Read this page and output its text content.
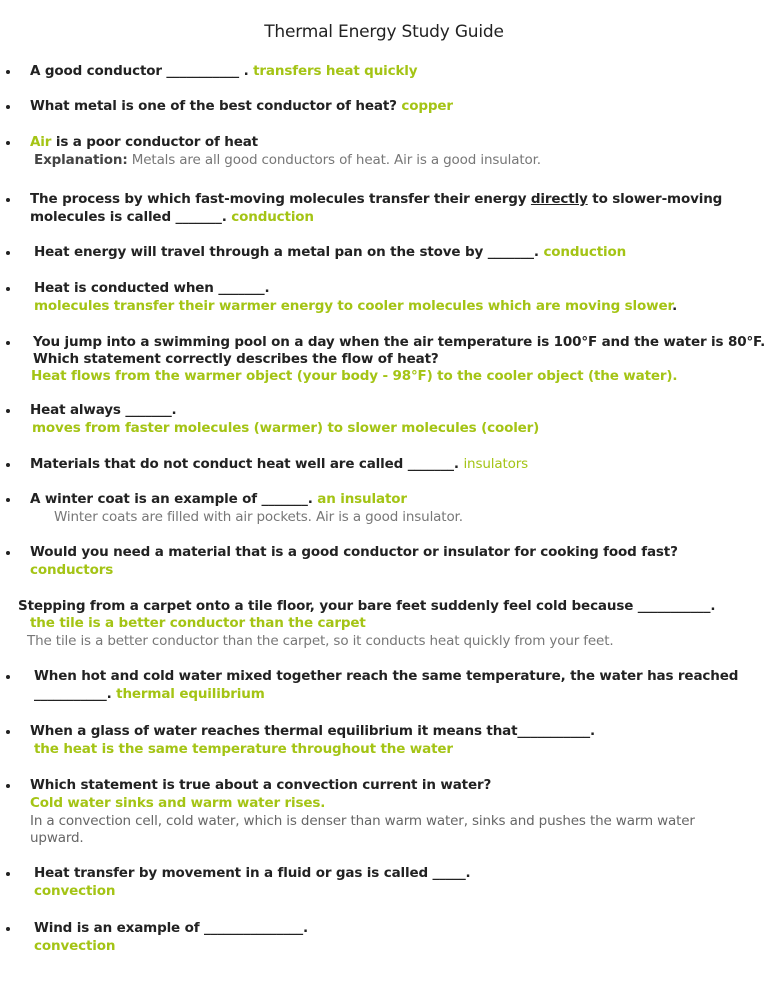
Thermal Energy Study Guide
A good conductor ___________ . transfers heat quickly
What metal is one of the best conductor of heat? copper
Air is a poor conductor of heat
Explanation: Metals are all good conductors of heat. Air is a good insulator.
The process by which fast-moving molecules transfer their energy directly to slower-moving
molecules is called _______. conduction
Heat energy will travel through a metal pan on the stove by _______. conduction
Heat is conducted when _______.
molecules transfer their warmer energy to cooler molecules which are moving slower.
You jump into a swimming pool on a day when the air temperature is 100°F and the water is 80°F.
Which statement correctly describes the flow of heat?
Heat flows from the warmer object (your body - 98°F) to the cooler object (the water).
Heat always _______.
moves from faster molecules (warmer) to slower molecules (cooler)
Materials that do not conduct heat well are called _______. insulators
A winter coat is an example of _______. an insulator
Winter coats are filled with air pockets. Air is a good insulator.
Would you need a material that is a good conductor or insulator for cooking food fast?
conductors
Stepping from a carpet onto a tile floor, your bare feet suddenly feel cold because ___________.
the tile is a better conductor than the carpet
The tile is a better conductor than the carpet, so it conducts heat quickly from your feet.
When hot and cold water mixed together reach the same temperature, the water has reached
___________. thermal equilibrium
When a glass of water reaches thermal equilibrium it means that___________.
the heat is the same temperature throughout the water
Which statement is true about a convection current in water?
Cold water sinks and warm water rises.
In a convection cell, cold water, which is denser than warm water, sinks and pushes the warm water
upward.
Heat transfer by movement in a fluid or gas is called _____.
convection
Wind is an example of _______________.
convection
